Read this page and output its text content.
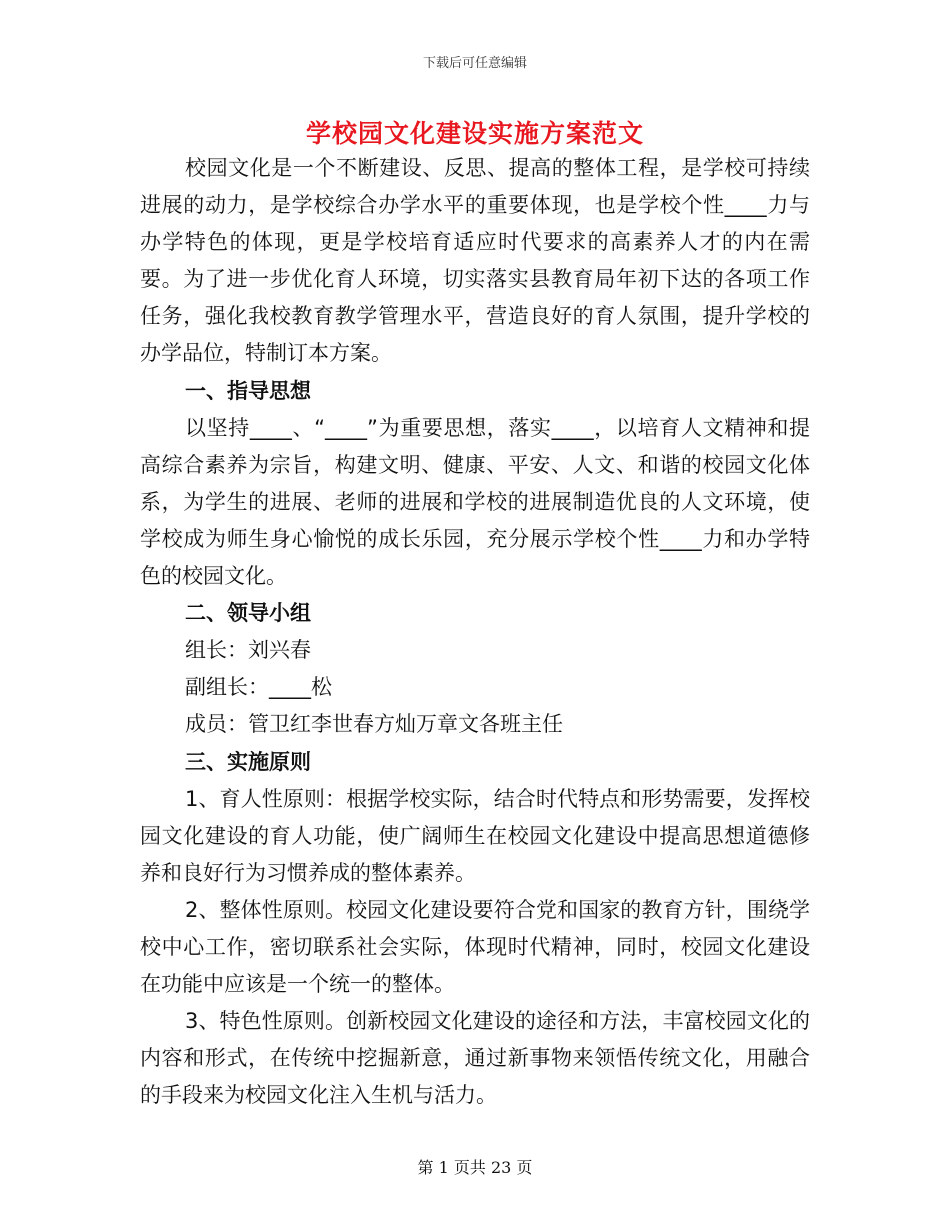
下载后可任意编辑
学校园文化建设实施方案范文

校园文化是一个不断建设、反思、提高的整体工程，是学校可持续进展的动力，是学校综合办学水平的重要体现，也是学校个性____力与办学特色的体现，更是学校培育适应时代要求的高素养人才的内在需要。为了进一步优化育人环境，切实落实县教育局年初下达的各项工作任务，强化我校教育教学管理水平，营造良好的育人氛围，提升学校的办学品位，特制订本方案。

一、指导思想

以坚持____、“____”为重要思想，落实____，以培育人文精神和提高综合素养为宗旨，构建文明、健康、平安、人文、和谐的校园文化体系，为学生的进展、老师的进展和学校的进展制造优良的人文环境，使学校成为师生身心愉悦的成长乐园，充分展示学校个性____力和办学特色的校园文化。

二、领导小组

组长：刘兴春

副组长：____松

成员：管卫红李世春方灿万章文各班主任

三、实施原则

1、育人性原则：根据学校实际，结合时代特点和形势需要，发挥校园文化建设的育人功能，使广阔师生在校园文化建设中提高思想道德修养和良好行为习惯养成的整体素养。

2、整体性原则。校园文化建设要符合党和国家的教育方针，围绕学校中心工作，密切联系社会实际，体现时代精神，同时，校园文化建设在功能中应该是一个统一的整体。

3、特色性原则。创新校园文化建设的途径和方法，丰富校园文化的内容和形式，在传统中挖掘新意，通过新事物来领悟传统文化，用融合的手段来为校园文化注入生机与活力。

第 1 页共 23 页
